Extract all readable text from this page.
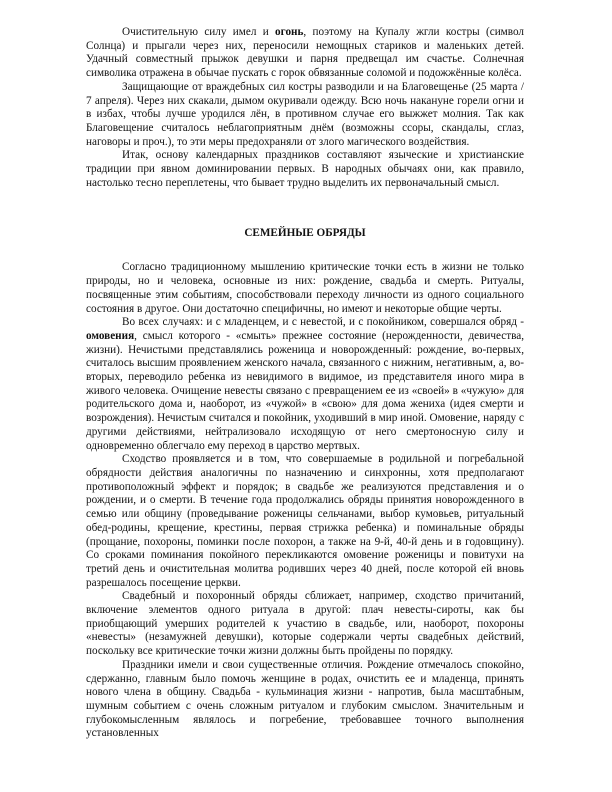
Очистительную силу имел и огонь, поэтому на Купалу жгли костры (символ Солнца) и прыгали через них, переносили немощных стариков и маленьких детей. Удачный совместный прыжок девушки и парня предвещал им счастье. Солнечная символика отражена в обычае пускать с горок обвязанные соломой и подожжённые колёса.

Защищающие от враждебных сил костры разводили и на Благовещенье (25 марта / 7 апреля). Через них скакали, дымом окуривали одежду. Всю ночь накануне горели огни и в избах, чтобы лучше уродился лён, в противном случае его выжжет молния. Так как Благовещение считалось неблагоприятным днём (возможны ссоры, скандалы, сглаз, наговоры и проч.), то эти меры предохраняли от злого магического воздействия.

Итак, основу календарных праздников составляют языческие и христианские традиции при явном доминировании первых. В народных обычаях они, как правило, настолько тесно переплетены, что бывает трудно выделить их первоначальный смысл.

СЕМЕЙНЫЕ ОБРЯДЫ

Согласно традиционному мышлению критические точки есть в жизни не только природы, но и человека, основные из них: рождение, свадьба и смерть. Ритуалы, посвященные этим событиям, способствовали переходу личности из одного социального состояния в другое. Они достаточно специфичны, но имеют и некоторые общие черты.

Во всех случаях: и с младенцем, и с невестой, и с покойником, совершался обряд - омовения, смысл которого - «смыть» прежнее состояние (нерожденности, девичества, жизни). Нечистыми представлялись роженица и новорожденный: рождение, во-первых, считалось высшим проявлением женского начала, связанного с нижним, негативным, а, во-вторых, переводило ребенка из невидимого в видимое, из представителя иного мира в живого человека. Очищение невесты связано с превращением ее из «своей» в «чужую» для родительского дома и, наоборот, из «чужой» в «свою» для дома жениха (идея смерти и возрождения). Нечистым считался и покойник, уходивший в мир иной. Омовение, наряду с другими действиями, нейтрализовало исходящую от него смертоносную силу и одновременно облегчало ему переход в царство мертвых.

Сходство проявляется и в том, что совершаемые в родильной и погребальной обрядности действия аналогичны по назначению и синхронны, хотя предполагают противоположный эффект и порядок; в свадьбе же реализуются представления и о рождении, и о смерти. В течение года продолжались обряды принятия новорожденного в семью или общину (проведывание роженицы сельчанами, выбор кумовьев, ритуальный обед-родины, крещение, крестины, первая стрижка ребенка) и поминальные обряды (прощание, похороны, поминки после похорон, а также на 9-й, 40-й день и в годовщину). Со сроками поминания покойного перекликаются омовение роженицы и повитухи на третий день и очистительная молитва родивших через 40 дней, после которой ей вновь разрешалось посещение церкви.

Свадебный и похоронный обряды сближает, например, сходство причитаний, включение элементов одного ритуала в другой: плач невесты-сироты, как бы приобщающий умерших родителей к участию в свадьбе, или, наоборот, похороны «невесты» (незамужней девушки), которые содержали черты свадебных действий, поскольку все критические точки жизни должны быть пройдены по порядку.

Праздники имели и свои существенные отличия. Рождение отмечалось спокойно, сдержанно, главным было помочь женщине в родах, очистить ее и младенца, принять нового члена в общину. Свадьба - кульминация жизни - напротив, была масштабным, шумным событием с очень сложным ритуалом и глубоким смыслом. Значительным и глубокомысленным являлось и погребение, требовавшее точного выполнения установленных
